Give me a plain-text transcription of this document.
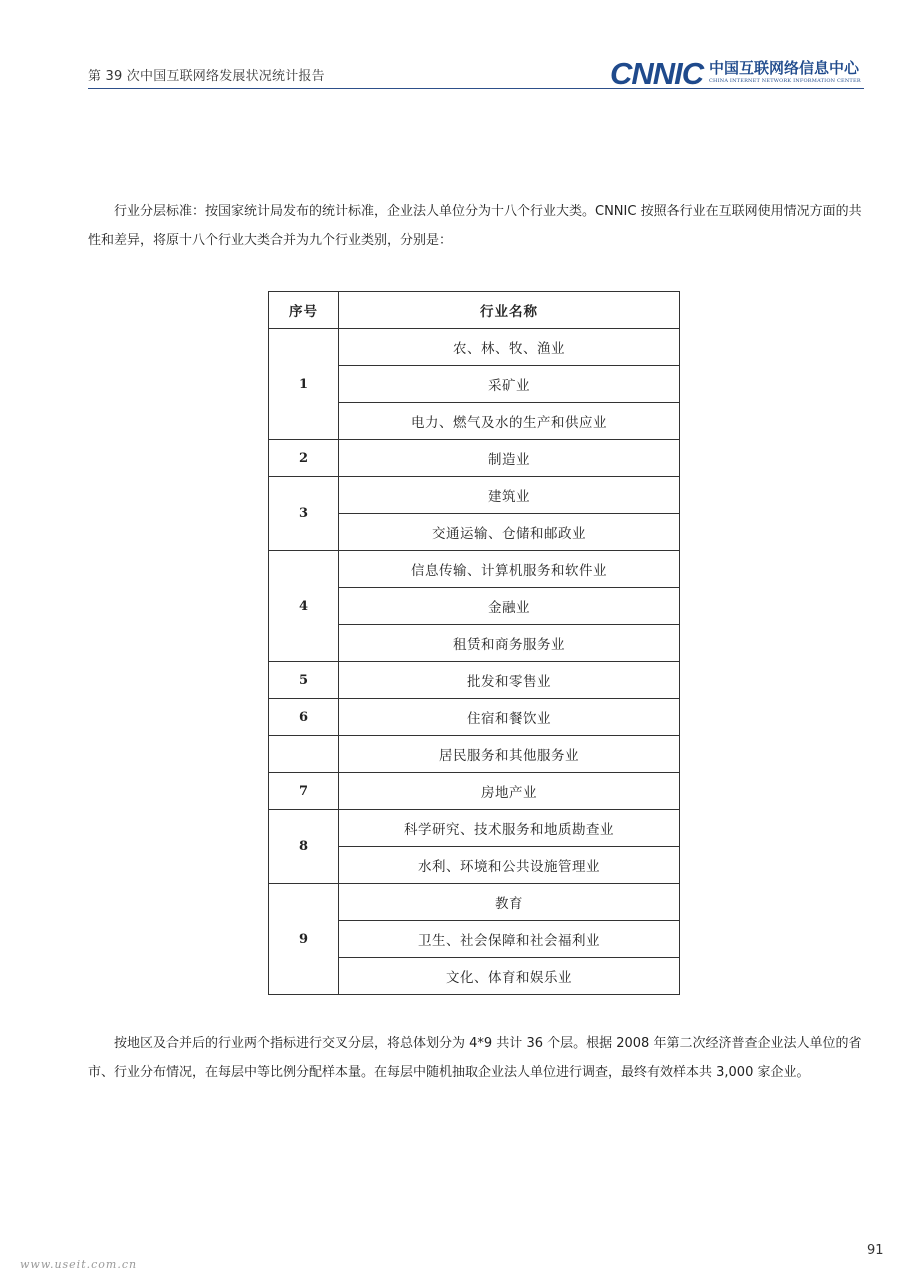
第 39 次中国互联网络发展状况统计报告	CNNIC 中国互联网络信息中心
CHINA INTERNET NETWORK INFORMATION CENTER

行业分层标准：按国家统计局发布的统计标准，企业法人单位分为十八个行业大类。CNNIC 按照各行业在互联网使用情况方面的共性和差异，将原十八个行业大类合并为九个行业类别，分别是：

序号	行业名称
1	农、林、牧、渔业
	采矿业
	电力、燃气及水的生产和供应业
2	制造业
3	建筑业
	交通运输、仓储和邮政业
4	信息传输、计算机服务和软件业
	金融业
	租赁和商务服务业
5	批发和零售业
6	住宿和餐饮业
	居民服务和其他服务业
7	房地产业
8	科学研究、技术服务和地质勘查业
	水利、环境和公共设施管理业
9	教育
	卫生、社会保障和社会福利业
	文化、体育和娱乐业

按地区及合并后的行业两个指标进行交叉分层，将总体划分为 4*9 共计 36 个层。根据 2008 年第二次经济普查企业法人单位的省市、行业分布情况，在每层中等比例分配样本量。在每层中随机抽取企业法人单位进行调查，最终有效样本共 3,000 家企业。

91
www.useit.com.cn
